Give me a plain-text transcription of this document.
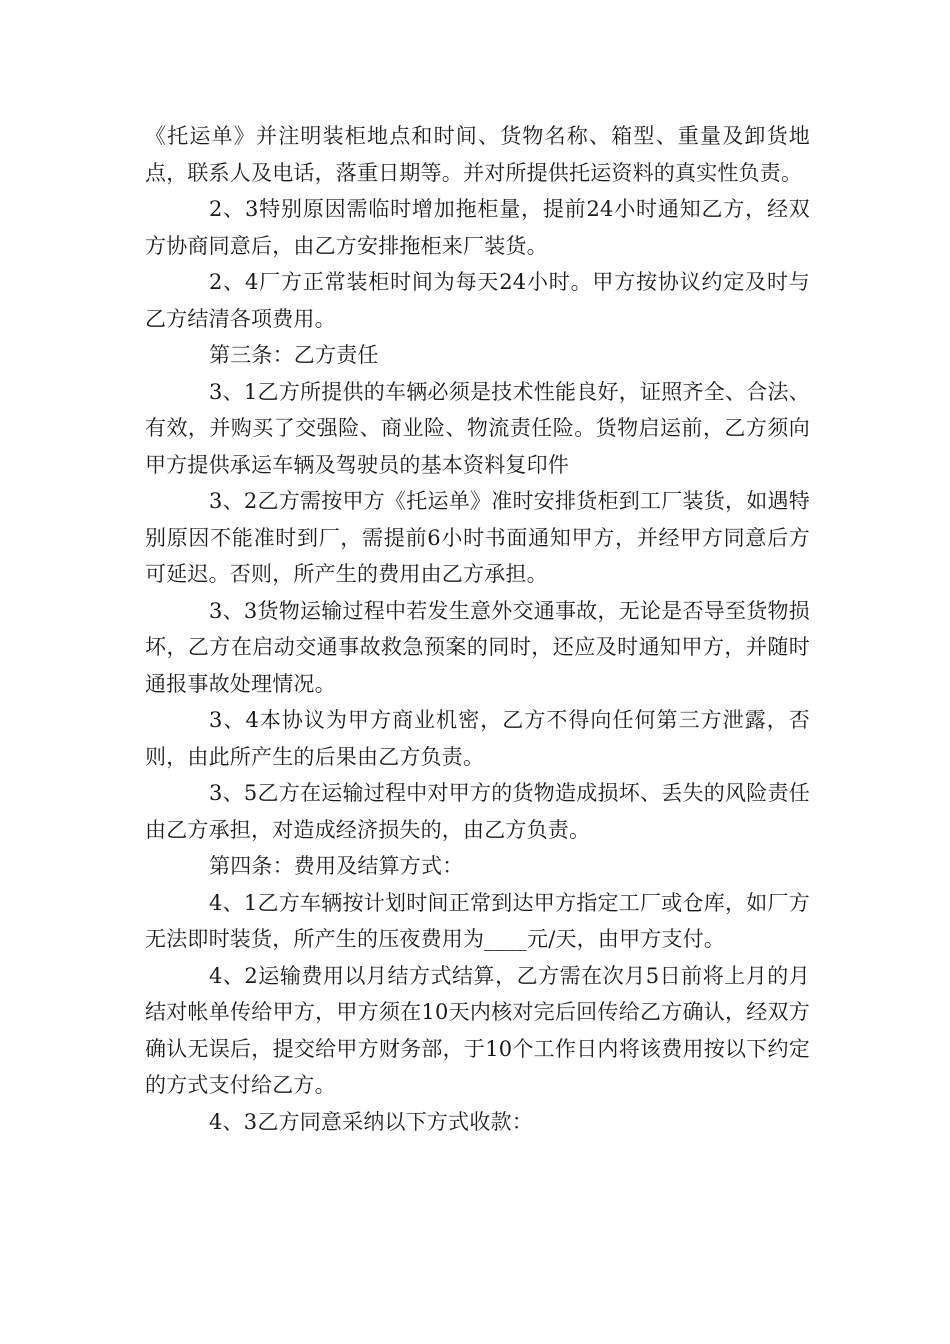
《托运单》并注明装柜地点和时间、货物名称、箱型、重量及卸货地点，联系人及电话，落重日期等。并对所提供托运资料的真实性负责。

2、3特别原因需临时增加拖柜量，提前24小时通知乙方，经双方协商同意后，由乙方安排拖柜来厂装货。

2、4厂方正常装柜时间为每天24小时。甲方按协议约定及时与乙方结清各项费用。

第三条：乙方责任

3、1乙方所提供的车辆必须是技术性能良好，证照齐全、合法、有效，并购买了交强险、商业险、物流责任险。货物启运前，乙方须向甲方提供承运车辆及驾驶员的基本资料复印件

3、2乙方需按甲方《托运单》准时安排货柜到工厂装货，如遇特别原因不能准时到厂，需提前6小时书面通知甲方，并经甲方同意后方可延迟。否则，所产生的费用由乙方承担。

3、3货物运输过程中若发生意外交通事故，无论是否导至货物损坏，乙方在启动交通事故救急预案的同时，还应及时通知甲方，并随时通报事故处理情况。

3、4本协议为甲方商业机密，乙方不得向任何第三方泄露，否则，由此所产生的后果由乙方负责。

3、5乙方在运输过程中对甲方的货物造成损坏、丢失的风险责任由乙方承担，对造成经济损失的，由乙方负责。

第四条：费用及结算方式：

4、1乙方车辆按计划时间正常到达甲方指定工厂或仓库，如厂方无法即时装货，所产生的压夜费用为____元/天，由甲方支付。

4、2运输费用以月结方式结算，乙方需在次月5日前将上月的月结对帐单传给甲方，甲方须在10天内核对完后回传给乙方确认，经双方确认无误后，提交给甲方财务部，于10个工作日内将该费用按以下约定的方式支付给乙方。

4、3乙方同意采纳以下方式收款：
